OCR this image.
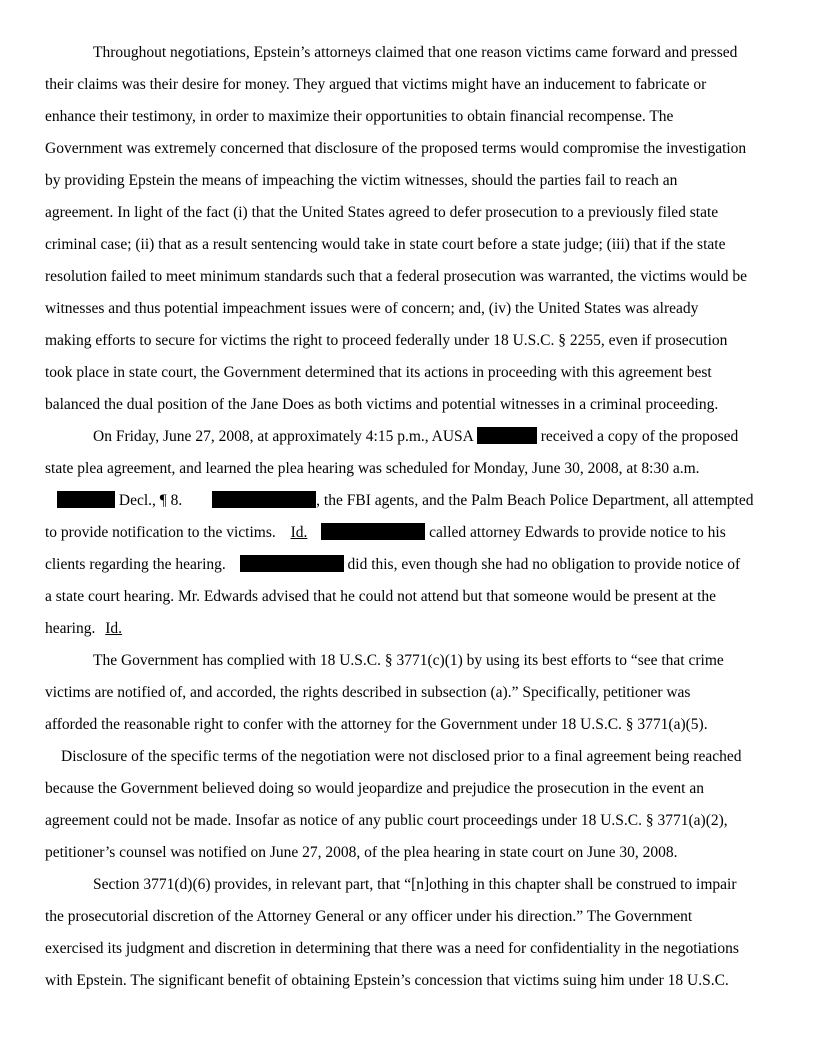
Throughout negotiations, Epstein’s attorneys claimed that one reason victims came forward and pressed
their claims was their desire for money. They argued that victims might have an inducement to fabricate or
enhance their testimony, in order to maximize their opportunities to obtain financial recompense. The
Government was extremely concerned that disclosure of the proposed terms would compromise the investigation
by providing Epstein the means of impeaching the victim witnesses, should the parties fail to reach an
agreement. In light of the fact (i) that the United States agreed to defer prosecution to a previously filed state
criminal case; (ii) that as a result sentencing would take in state court before a state judge; (iii) that if the state
resolution failed to meet minimum standards such that a federal prosecution was warranted, the victims would be
witnesses and thus potential impeachment issues were of concern; and, (iv) the United States was already
making efforts to secure for victims the right to proceed federally under 18 U.S.C. § 2255, even if prosecution
took place in state court, the Government determined that its actions in proceeding with this agreement best
balanced the dual position of the Jane Does as both victims and potential witnesses in a criminal proceeding.
On Friday, June 27, 2008, at approximately 4:15 p.m., AUSA	received a copy of the proposed
state plea agreement, and learned the plea hearing was scheduled for Monday, June 30, 2008, at 8:30 a.m.
Decl., ¶ 8.	, the FBI agents, and the Palm Beach Police Department, all attempted
to provide notification to the victims. Id.	called attorney Edwards to provide notice to his
clients regarding the hearing.	did this, even though she had no obligation to provide notice of
a state court hearing. Mr. Edwards advised that he could not attend but that someone would be present at the
hearing. Id.
The Government has complied with 18 U.S.C. § 3771(c)(1) by using its best efforts to “see that crime
victims are notified of, and accorded, the rights described in subsection (a).” Specifically, petitioner was
afforded the reasonable right to confer with the attorney for the Government under 18 U.S.C. § 3771(a)(5).
Disclosure of the specific terms of the negotiation were not disclosed prior to a final agreement being reached
because the Government believed doing so would jeopardize and prejudice the prosecution in the event an
agreement could not be made. Insofar as notice of any public court proceedings under 18 U.S.C. § 3771(a)(2),
petitioner’s counsel was notified on June 27, 2008, of the plea hearing in state court on June 30, 2008.
Section 3771(d)(6) provides, in relevant part, that “[n]othing in this chapter shall be construed to impair
the prosecutorial discretion of the Attorney General or any officer under his direction.” The Government
exercised its judgment and discretion in determining that there was a need for confidentiality in the negotiations
with Epstein. The significant benefit of obtaining Epstein’s concession that victims suing him under 18 U.S.C.
